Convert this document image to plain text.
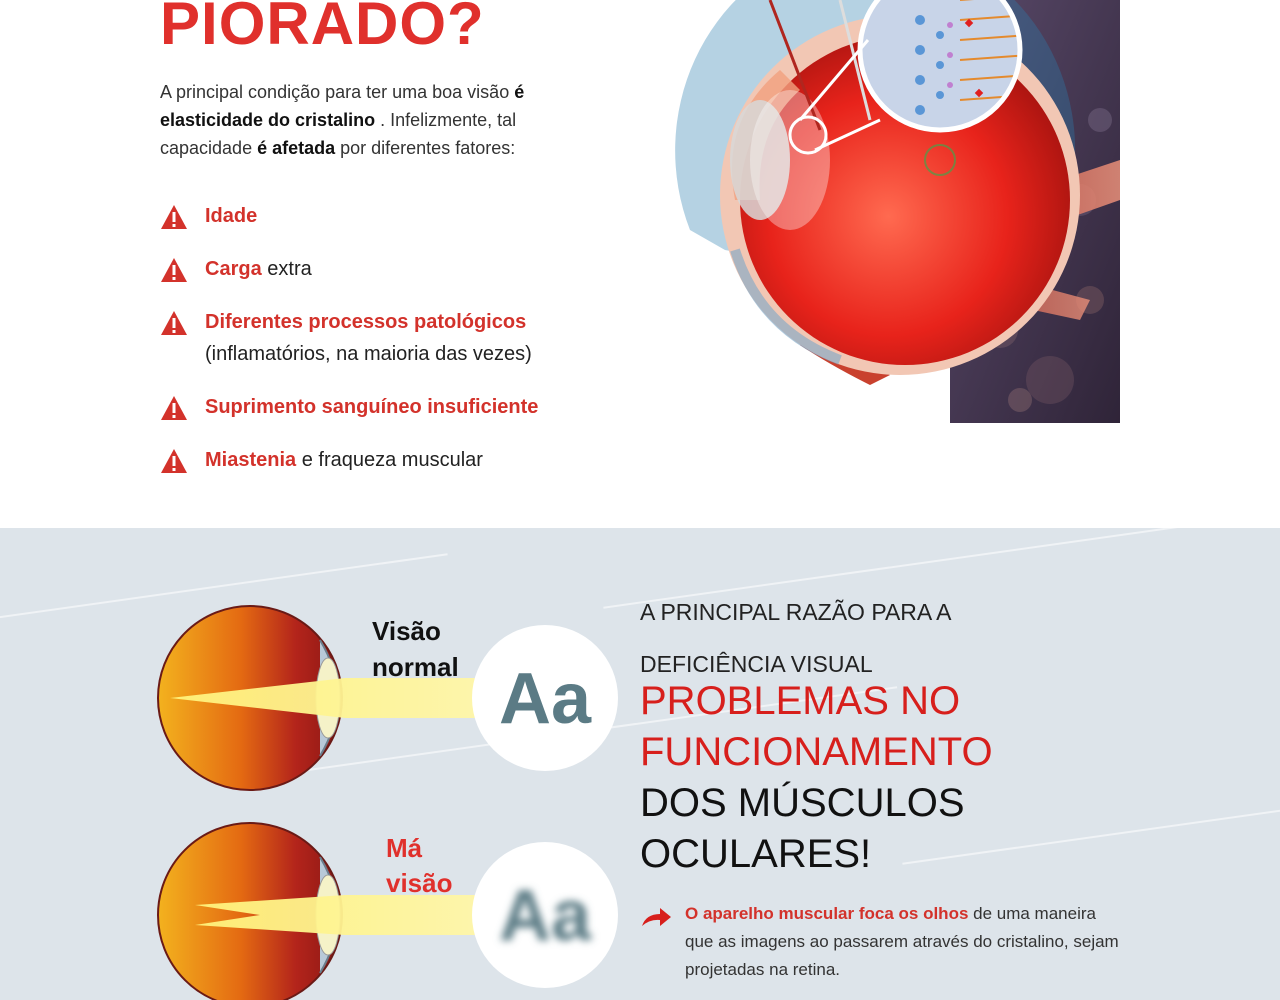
PIORADO?

A principal condição para ter uma boa visão é elasticidade do cristalino . Infelizmente, tal capacidade é afetada por diferentes fatores:

Idade
Carga extra
Diferentes processos patológicos (inflamatórios, na maioria das vezes)
Suprimento sanguíneo insuficiente
Miastenia e fraqueza muscular
Aa
Visão
normal
Aa
Má
visão
A PRINCIPAL RAZÃO PARA A
DEFICIÊNCIA VISUAL
PROBLEMAS NO
FUNCIONAMENTO
DOS MÚSCULOS
OCULARES!

O aparelho muscular foca os olhos de uma maneira que as imagens ao passarem através do cristalino, sejam projetadas na retina.
